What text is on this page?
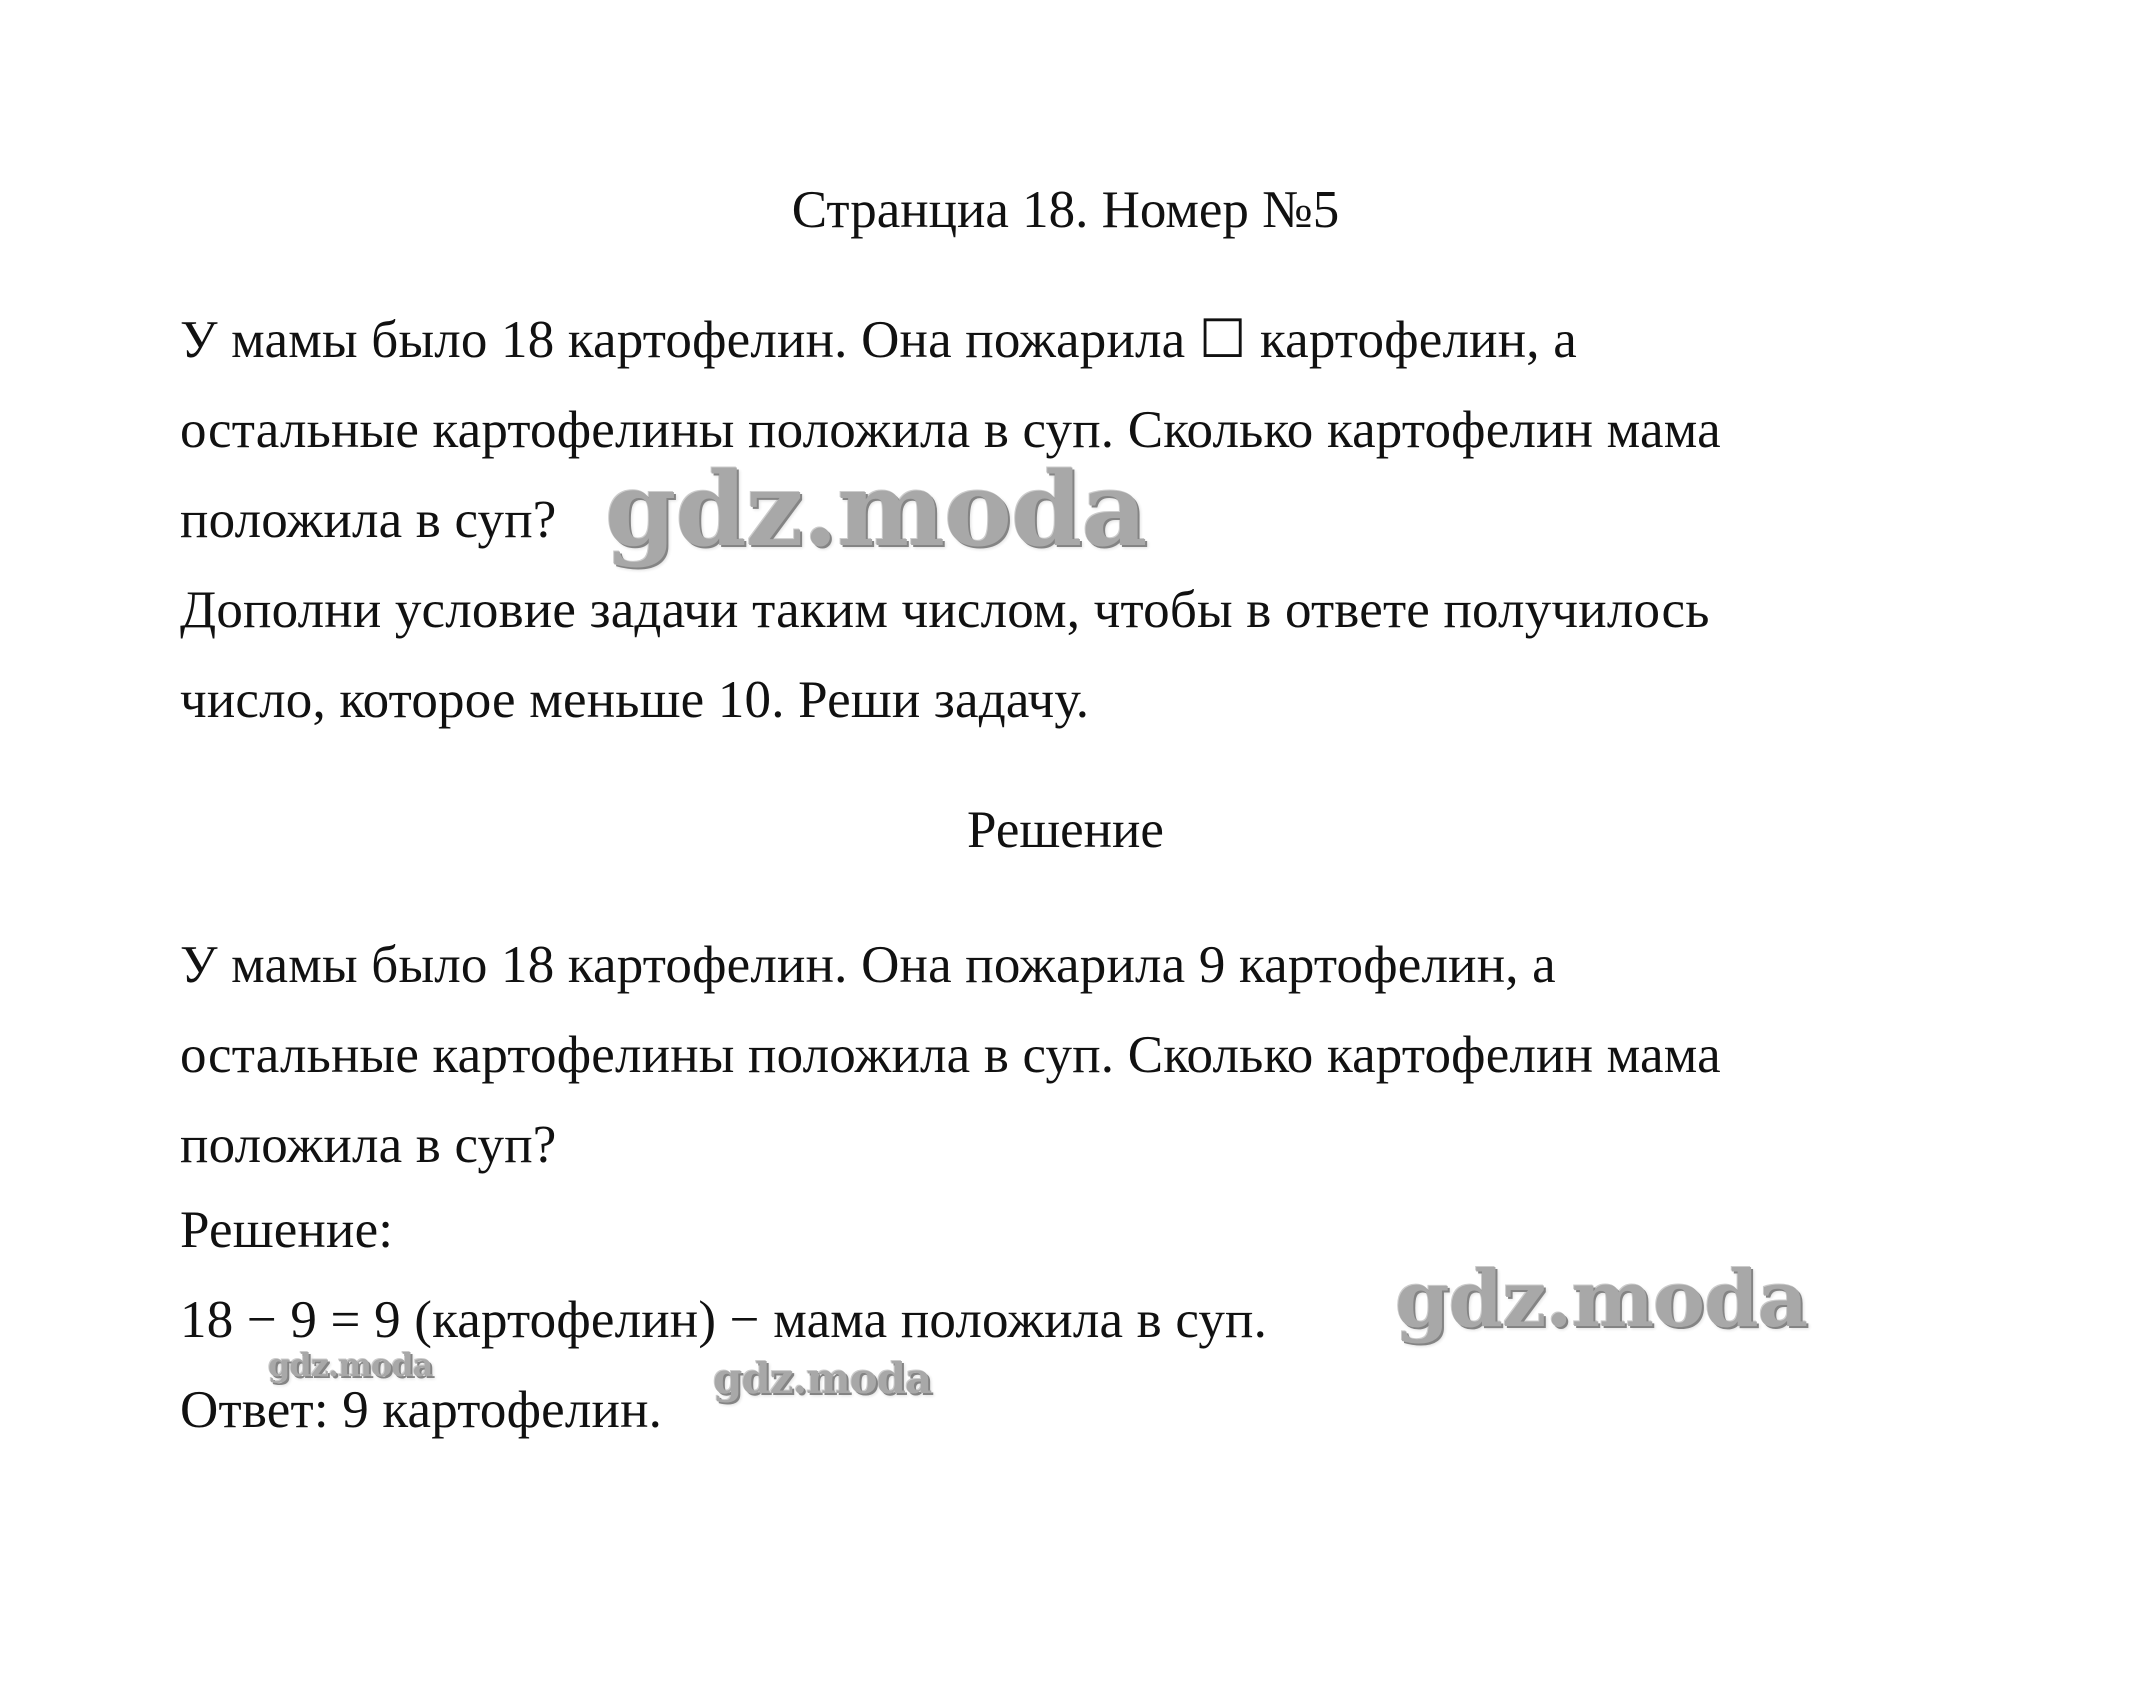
Странциа 18. Номер №5
У мамы было 18 картофелин. Она пожарила ☐ картофелин, а
остальные картофелины положила в суп. Сколько картофелин мама
положила в суп?
Дополни условие задачи таким числом, чтобы в ответе получилось
число, которое меньше 10. Реши задачу.
Решение
У мамы было 18 картофелин. Она пожарила 9 картофелин, а
остальные картофелины положила в суп. Сколько картофелин мама
положила в суп?
Решение:
18 − 9 = 9 (картофелин) − мама положила в суп.
Ответ: 9 картофелин.
gdz.moda
gdz.moda
gdz.moda	gdz.moda
